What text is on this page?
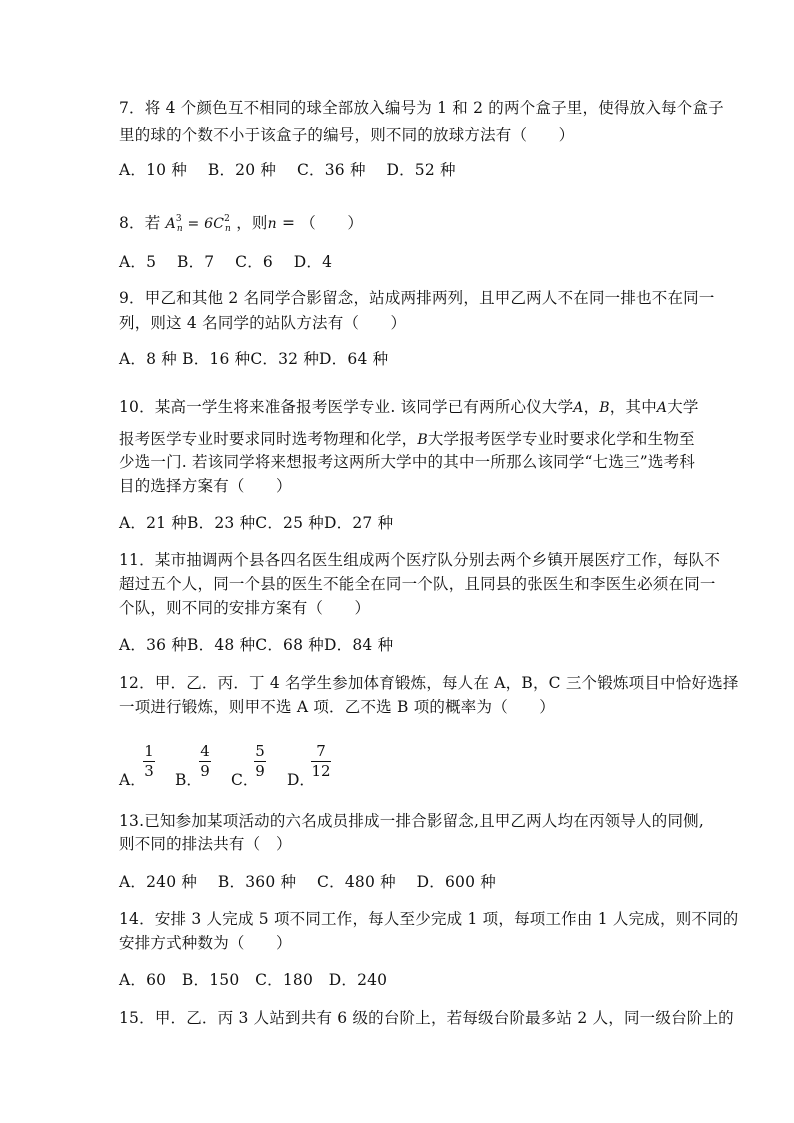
7．将 4 个颜色互不相同的球全部放入编号为 1 和 2 的两个盒子里，使得放入每个盒子
里的球的个数不小于该盒子的编号，则不同的放球方法有（　　）
A．10 种　 B．20 种　 C．36 种　 D．52 种
8．若 $A^3_n = 6C^2_n$ ，则n = （　　）
A．5　 B．7　 C．6　 D．4
9．甲乙和其他 2 名同学合影留念，站成两排两列，且甲乙两人不在同一排也不在同一
列，则这 4 名同学的站队方法有（　　）
A．8 种 B．16 种C．32 种D．64 种
10．某高一学生将来准备报考医学专业. 该同学已有两所心仪大学A，B，其中A大学
报考医学专业时要求同时选考物理和化学，B大学报考医学专业时要求化学和生物至
少选一门. 若该同学将来想报考这两所大学中的其中一所那么该同学“七选三”选考科
目的选择方案有（　　）
A．21 种B．23 种C．25 种D．27 种
11．某市抽调两个县各四名医生组成两个医疗队分别去两个乡镇开展医疗工作，每队不
超过五个人，同一个县的医生不能全在同一个队，且同县的张医生和李医生必须在同一
个队，则不同的安排方案有（　　）
A．36 种B．48 种C．68 种D．84 种
12．甲．乙．丙．丁 4 名学生参加体育锻炼，每人在 A，B，C 三个锻炼项目中恰好选择
一项进行锻炼，则甲不选 A 项．乙不选 B 项的概率为（　　）
A．
1
3 B．
4
9 C．
5
9 D．
7
12
13.已知参加某项活动的六名成员排成一排合影留念,且甲乙两人均在丙领导人的同侧,
则不同的排法共有（　）
A．240 种　 B．360 种　 C．480 种　 D．600 种
14．安排 3 人完成 5 项不同工作，每人至少完成 1 项，每项工作由 1 人完成，则不同的
安排方式种数为（　　）
A．60　B．150　C．180　D．240
15．甲．乙．丙 3 人站到共有 6 级的台阶上，若每级台阶最多站 2 人，同一级台阶上的
